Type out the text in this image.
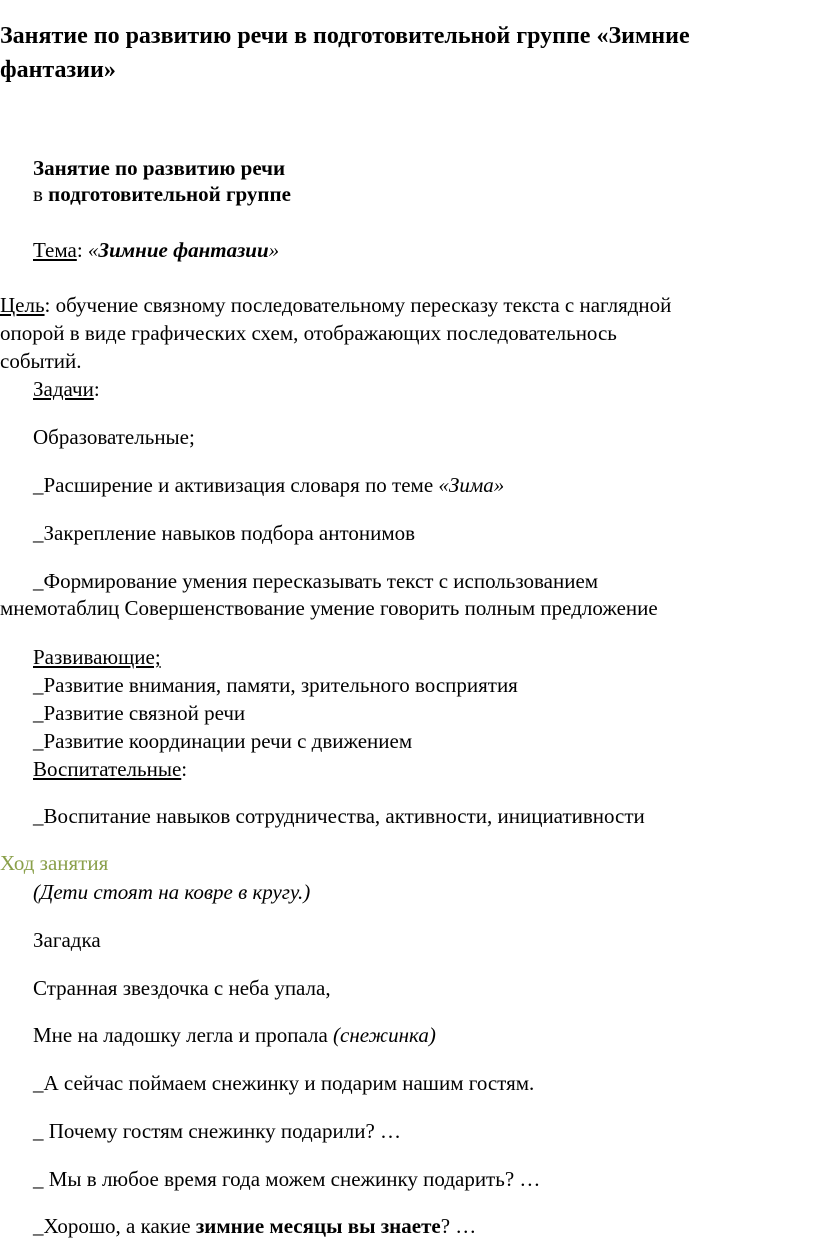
Занятие по развитию речи в подготовительной группе «Зимние
фантазии»
Занятие по развитию речи
в подготовительной группе
Тема: «Зимние фантазии»
Цель: обучение связному последовательному пересказу текста с наглядной
опорой в виде графических схем, отображающих последовательнось
событий.
Задачи:
Образовательные;
_Расширение и активизация словаря по теме «Зима»
_Закрепление навыков подбора антонимов
_Формирование умения пересказывать текст с использованием
мнемотаблиц Совершенствование умение говорить полным предложение
Развивающие;
_Развитие внимания, памяти, зрительного восприятия
_Развитие связной речи
_Развитие координации речи с движением
Воспитательные:
_Воспитание навыков сотрудничества, активности, инициативности
Ход занятия
(Дети стоят на ковре в кругу.)
Загадка
Странная звездочка с неба упала,
Мне на ладошку легла и пропала (снежинка)
_А сейчас поймаем снежинку и подарим нашим гостям.
_ Почему гостям снежинку подарили? …
_ Мы в любое время года можем снежинку подарить? …
_Хорошо, а какие зимние месяцы вы знаете? …
